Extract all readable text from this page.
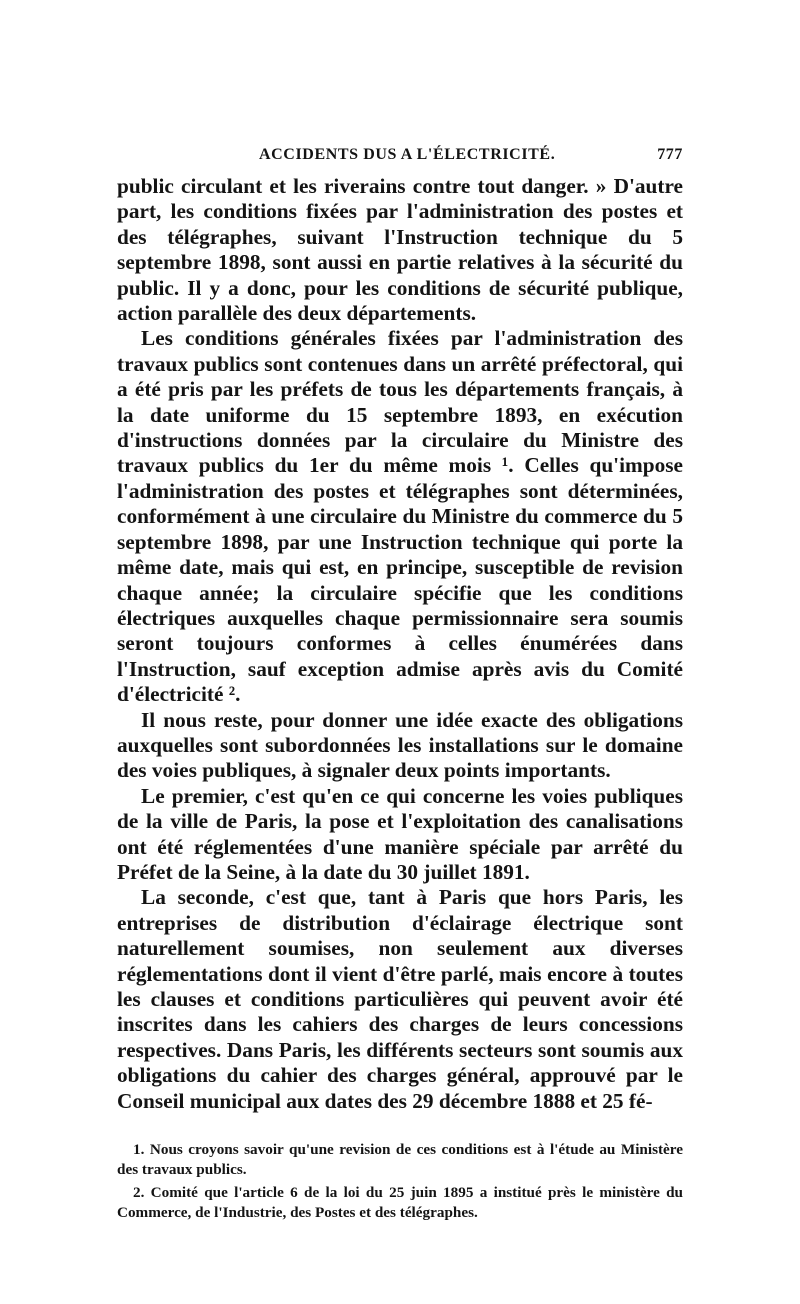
ACCIDENTS DUS A L'ÉLECTRICITÉ.	777

public circulant et les riverains contre tout danger. » D'autre part, les conditions fixées par l'administration des postes et des télégraphes, suivant l'Instruction technique du 5 septembre 1898, sont aussi en partie relatives à la sécurité du public. Il y a donc, pour les conditions de sécurité publique, action parallèle des deux départements.

Les conditions générales fixées par l'administration des travaux publics sont contenues dans un arrêté préfectoral, qui a été pris par les préfets de tous les départements français, à la date uniforme du 15 septembre 1893, en exécution d'instructions données par la circulaire du Ministre des travaux publics du 1er du même mois ¹. Celles qu'impose l'administration des postes et télégraphes sont déterminées, conformément à une circulaire du Ministre du commerce du 5 septembre 1898, par une Instruction technique qui porte la même date, mais qui est, en principe, susceptible de revision chaque année; la circulaire spécifie que les conditions électriques auxquelles chaque permissionnaire sera soumis seront toujours conformes à celles énumérées dans l'Instruction, sauf exception admise après avis du Comité d'électricité ².

Il nous reste, pour donner une idée exacte des obligations auxquelles sont subordonnées les installations sur le domaine des voies publiques, à signaler deux points importants.

Le premier, c'est qu'en ce qui concerne les voies publiques de la ville de Paris, la pose et l'exploitation des canalisations ont été réglementées d'une manière spéciale par arrêté du Préfet de la Seine, à la date du 30 juillet 1891.

La seconde, c'est que, tant à Paris que hors Paris, les entreprises de distribution d'éclairage électrique sont naturellement soumises, non seulement aux diverses réglementations dont il vient d'être parlé, mais encore à toutes les clauses et conditions particulières qui peuvent avoir été inscrites dans les cahiers des charges de leurs concessions respectives. Dans Paris, les différents secteurs sont soumis aux obligations du cahier des charges général, approuvé par le Conseil municipal aux dates des 29 décembre 1888 et 25 fé-

1. Nous croyons savoir qu'une revision de ces conditions est à l'étude au Ministère des travaux publics.

2. Comité que l'article 6 de la loi du 25 juin 1895 a institué près le ministère du Commerce, de l'Industrie, des Postes et des télégraphes.
